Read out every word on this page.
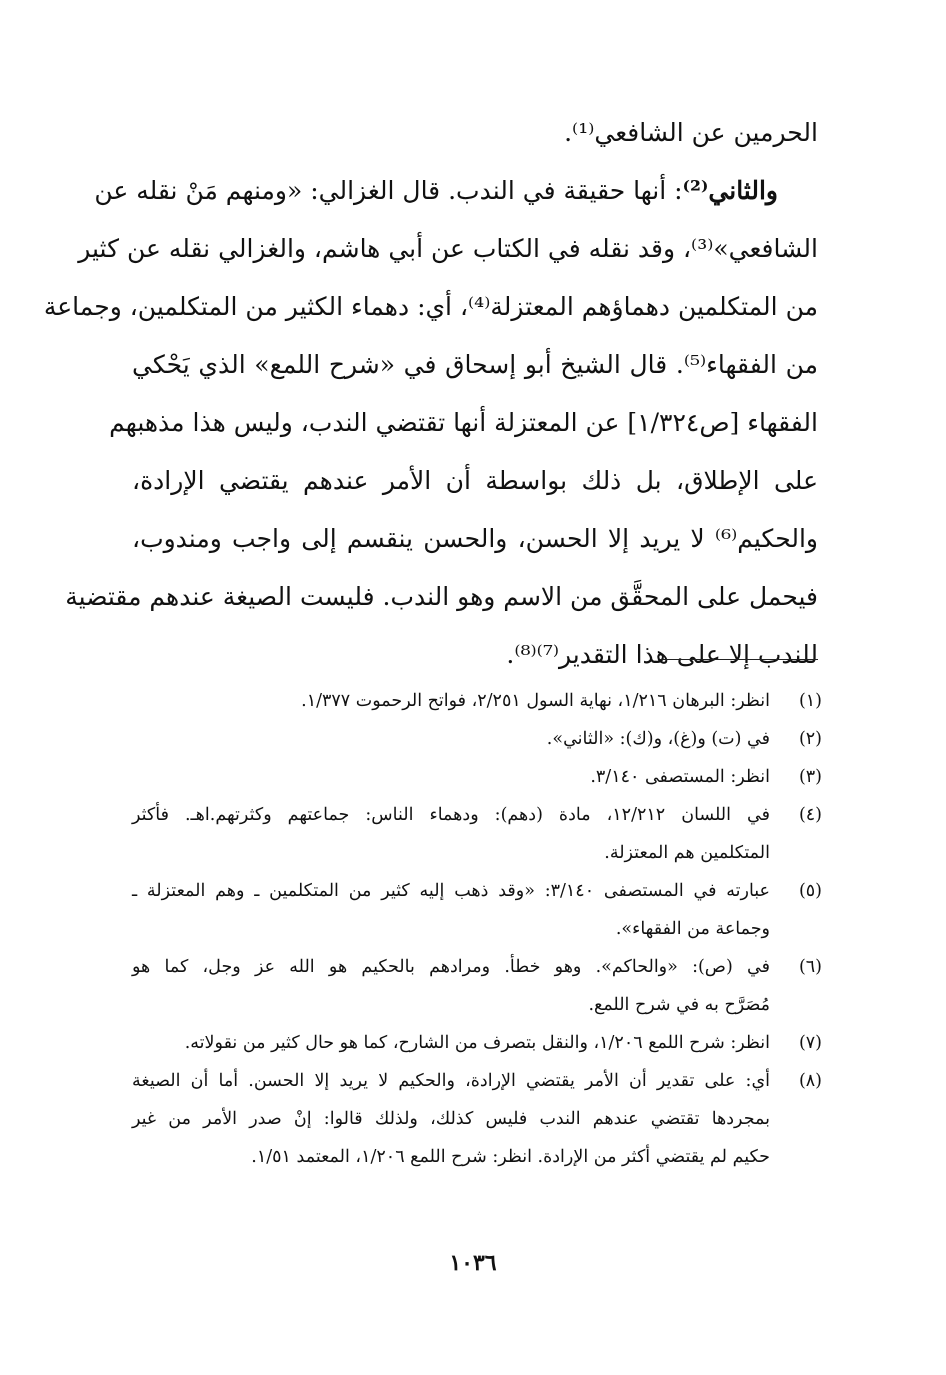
الحرمين عن الشافعي⁽¹⁾.
والثاني⁽²⁾: أنها حقيقة في الندب. قال الغزالي: «ومنهم مَنْ نقله عن
الشافعي»⁽³⁾، وقد نقله في الكتاب عن أبي هاشم، والغزالي نقله عن كثير
من المتكلمين دهماؤهم المعتزلة⁽⁴⁾، أي: دهماء الكثير من المتكلمين، وجماعة
من الفقهاء⁽⁵⁾. قال الشيخ أبو إسحاق في «شرح اللمع» الذي يَحْكي
الفقهاء [ص١/٣٢٤] عن المعتزلة أنها تقتضي الندب، وليس هذا مذهبهم
على الإطلاق، بل ذلك بواسطة أن الأمر عندهم يقتضي الإرادة،
والحكيم⁽⁶⁾ لا يريد إلا الحسن، والحسن ينقسم إلى واجب ومندوب،
فيحمل على المحقَّق من الاسم وهو الندب. فليست الصيغة عندهم مقتضية
للندب إلا على هذا التقدير⁽⁷⁾⁽⁸⁾.
(١)
انظر: البرهان ١/٢١٦، نهاية السول ٢/٢٥١، فواتح الرحموت ١/٣٧٧.
(٢)
في (ت) و(غ)، و(ك): «الثاني».
(٣)
انظر: المستصفى ٣/١٤٠.
(٤)
في اللسان ١٢/٢١٢، مادة (دهم): ودهماء الناس: جماعتهم وكثرتهم.اهـ. فأكثر
المتكلمين هم المعتزلة.
(٥)
عبارته في المستصفى ٣/١٤٠: «وقد ذهب إليه كثير من المتكلمين ـ وهم المعتزلة ـ
وجماعة من الفقهاء».
(٦)
في (ص): «والحاكم». وهو خطأ. ومرادهم بالحكيم هو الله عز وجل، كما هو
مُصَرَّح به في شرح اللمع.
(٧)
انظر: شرح اللمع ١/٢٠٦، والنقل بتصرف من الشارح، كما هو حال كثير من نقولاته.
(٨)
أي: على تقدير أن الأمر يقتضي الإرادة، والحكيم لا يريد إلا الحسن. أما أن الصيغة
بمجردها تقتضي عندهم الندب فليس كذلك، ولذلك قالوا: إنْ صدر الأمر من غير
حكيم لم يقتضي أكثر من الإرادة. انظر: شرح اللمع ١/٢٠٦، المعتمد ١/٥١.
١٠٣٦
